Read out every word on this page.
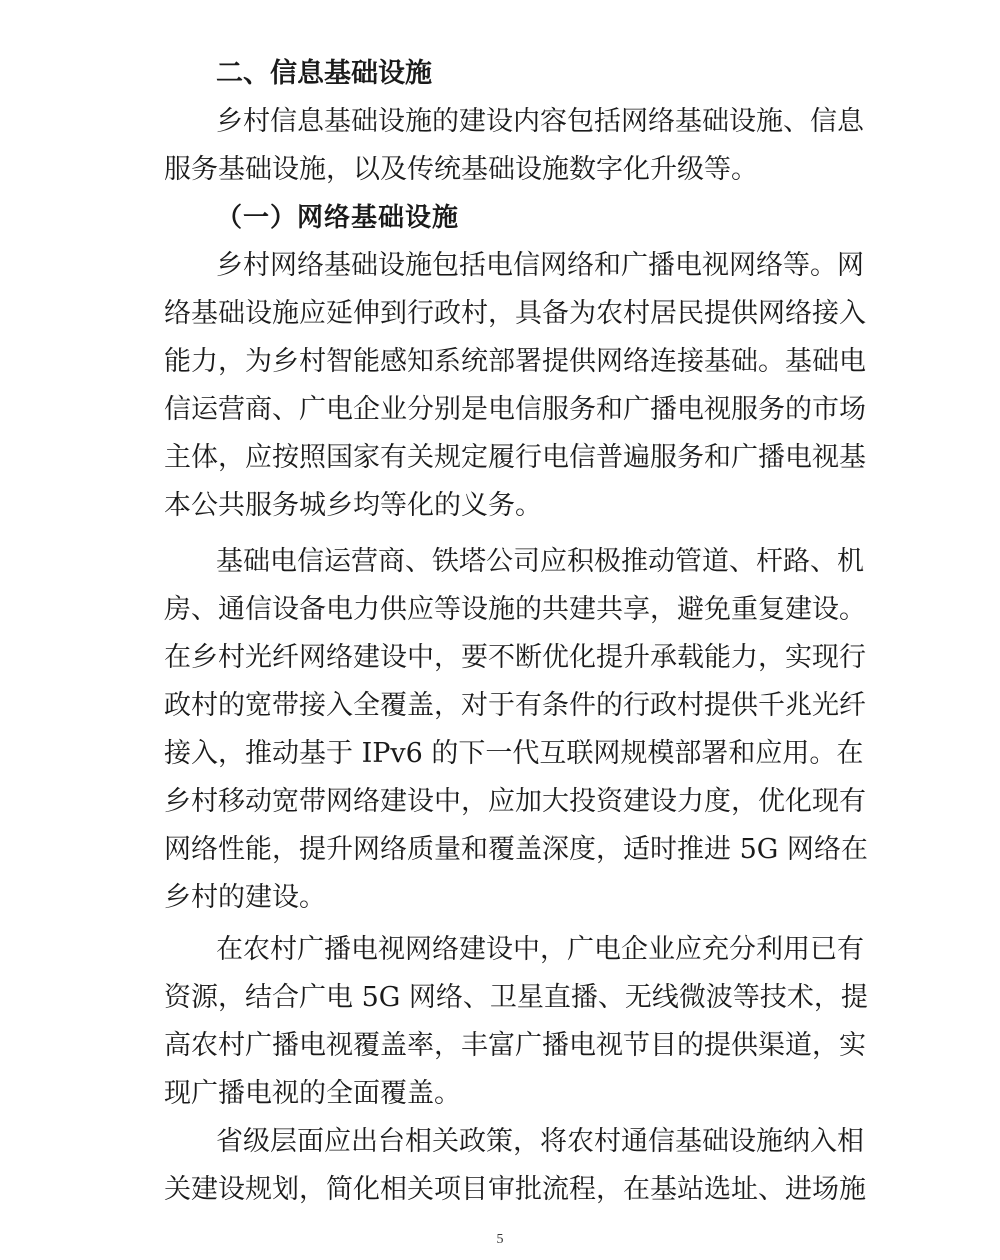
二、信息基础设施
乡村信息基础设施的建设内容包括网络基础设施、信息
服务基础设施，以及传统基础设施数字化升级等。
（一）网络基础设施
乡村网络基础设施包括电信网络和广播电视网络等。网
络基础设施应延伸到行政村，具备为农村居民提供网络接入
能力，为乡村智能感知系统部署提供网络连接基础。基础电
信运营商、广电企业分别是电信服务和广播电视服务的市场
主体，应按照国家有关规定履行电信普遍服务和广播电视基
本公共服务城乡均等化的义务。
基础电信运营商、铁塔公司应积极推动管道、杆路、机
房、通信设备电力供应等设施的共建共享，避免重复建设。
在乡村光纤网络建设中，要不断优化提升承载能力，实现行
政村的宽带接入全覆盖，对于有条件的行政村提供千兆光纤
接入，推动基于 IPv6 的下一代互联网规模部署和应用。在
乡村移动宽带网络建设中，应加大投资建设力度，优化现有
网络性能，提升网络质量和覆盖深度，适时推进 5G 网络在
乡村的建设。
在农村广播电视网络建设中，广电企业应充分利用已有
资源，结合广电 5G 网络、卫星直播、无线微波等技术，提
高农村广播电视覆盖率，丰富广播电视节目的提供渠道，实
现广播电视的全面覆盖。
省级层面应出台相关政策，将农村通信基础设施纳入相
关建设规划，简化相关项目审批流程，在基站选址、进场施
5
